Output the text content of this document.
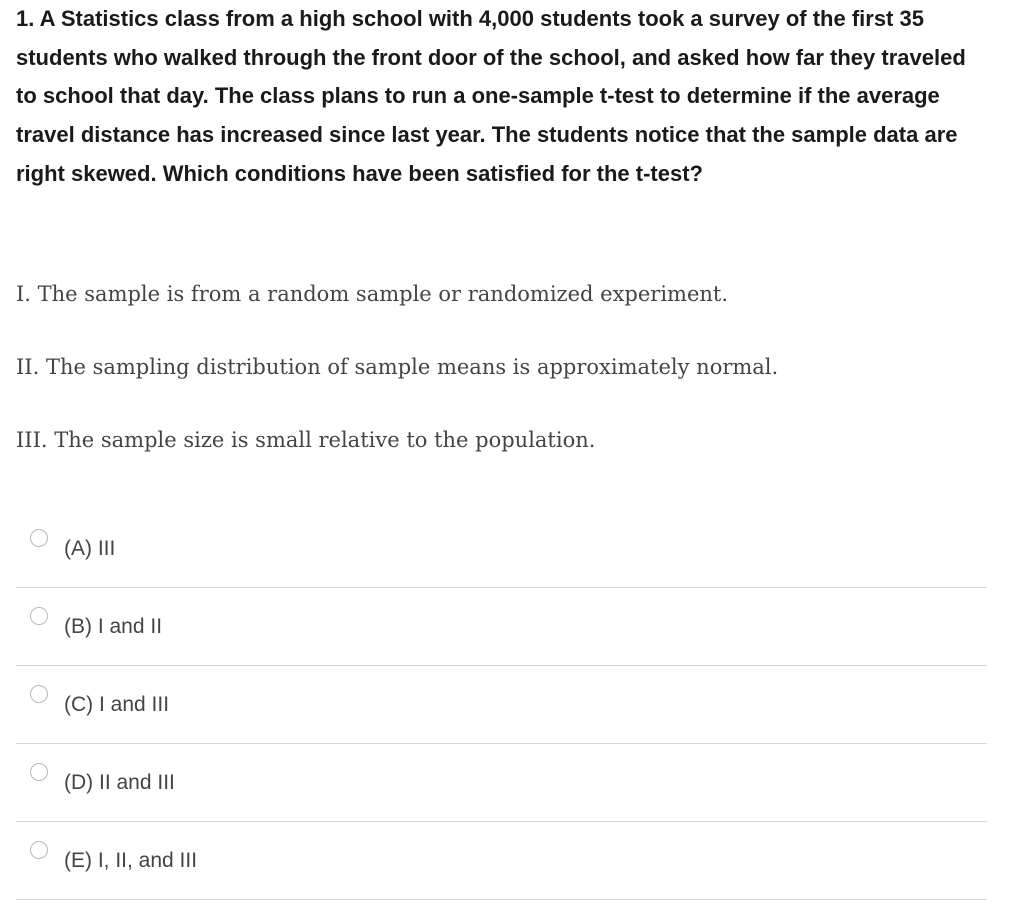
1. A Statistics class from a high school with 4,000 students took a survey of the first 35 students who walked through the front door of the school, and asked how far they traveled to school that day. The class plans to run a one-sample t-test to determine if the average travel distance has increased since last year. The students notice that the sample data are right skewed. Which conditions have been satisfied for the t-test?

I. The sample is from a random sample or randomized experiment.

II. The sampling distribution of sample means is approximately normal.

III. The sample size is small relative to the population.

(A) III
(B) I and II
(C) I and III
(D) II and III
(E) I, II, and III
